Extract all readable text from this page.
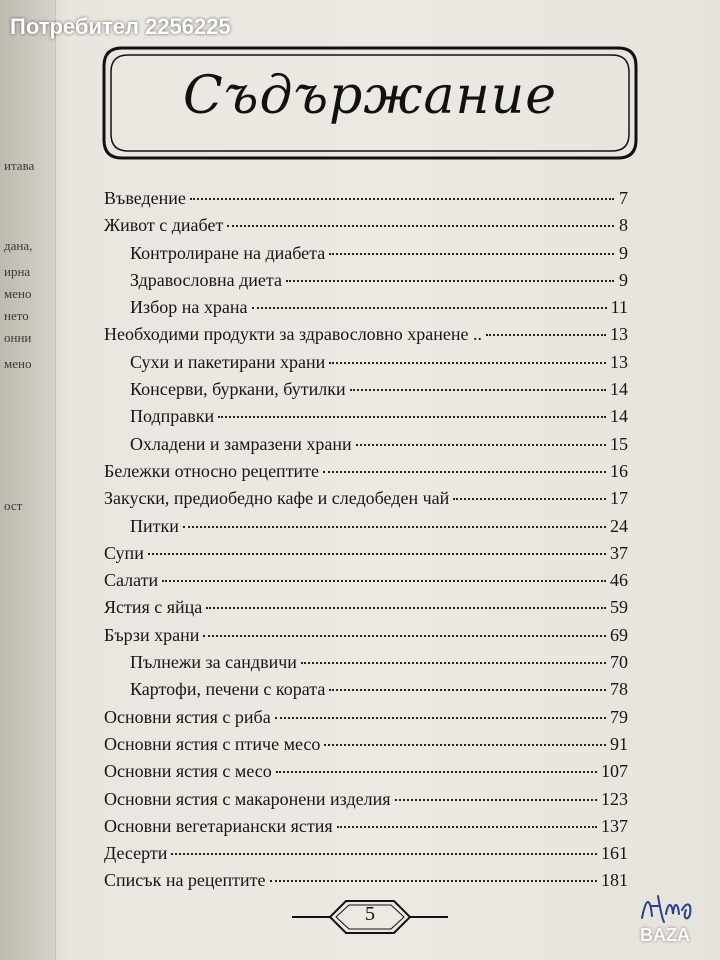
итава
дана,
ирна
мено
нето
онни
мено
ост
Потребител 2256225
Съдържание
Въведение	7
Живот с диабет	8
Контролиране на диабета	9
Здравословна диета	9
Избор на храна	11
Необходими продукти за здравословно хранене ..	13
Сухи и пакетирани храни	13
Консерви, буркани, бутилки	14
Подправки	14
Охладени и замразени храни	15
Бележки относно рецептите	16
Закуски, предиобедно кафе и следобеден чай	17
Питки	24
Супи	37
Салати	46
Ястия с яйца	59
Бързи храни	69
Пълнежи за сандвичи	70
Картофи, печени с кората	78
Основни ястия с риба	79
Основни ястия с птиче месо	91
Основни ястия с месо	107
Основни ястия с макаронени изделия	123
Основни вегетариански ястия	137
Десерти	161
Списък на рецептите	181
5
BAZA
